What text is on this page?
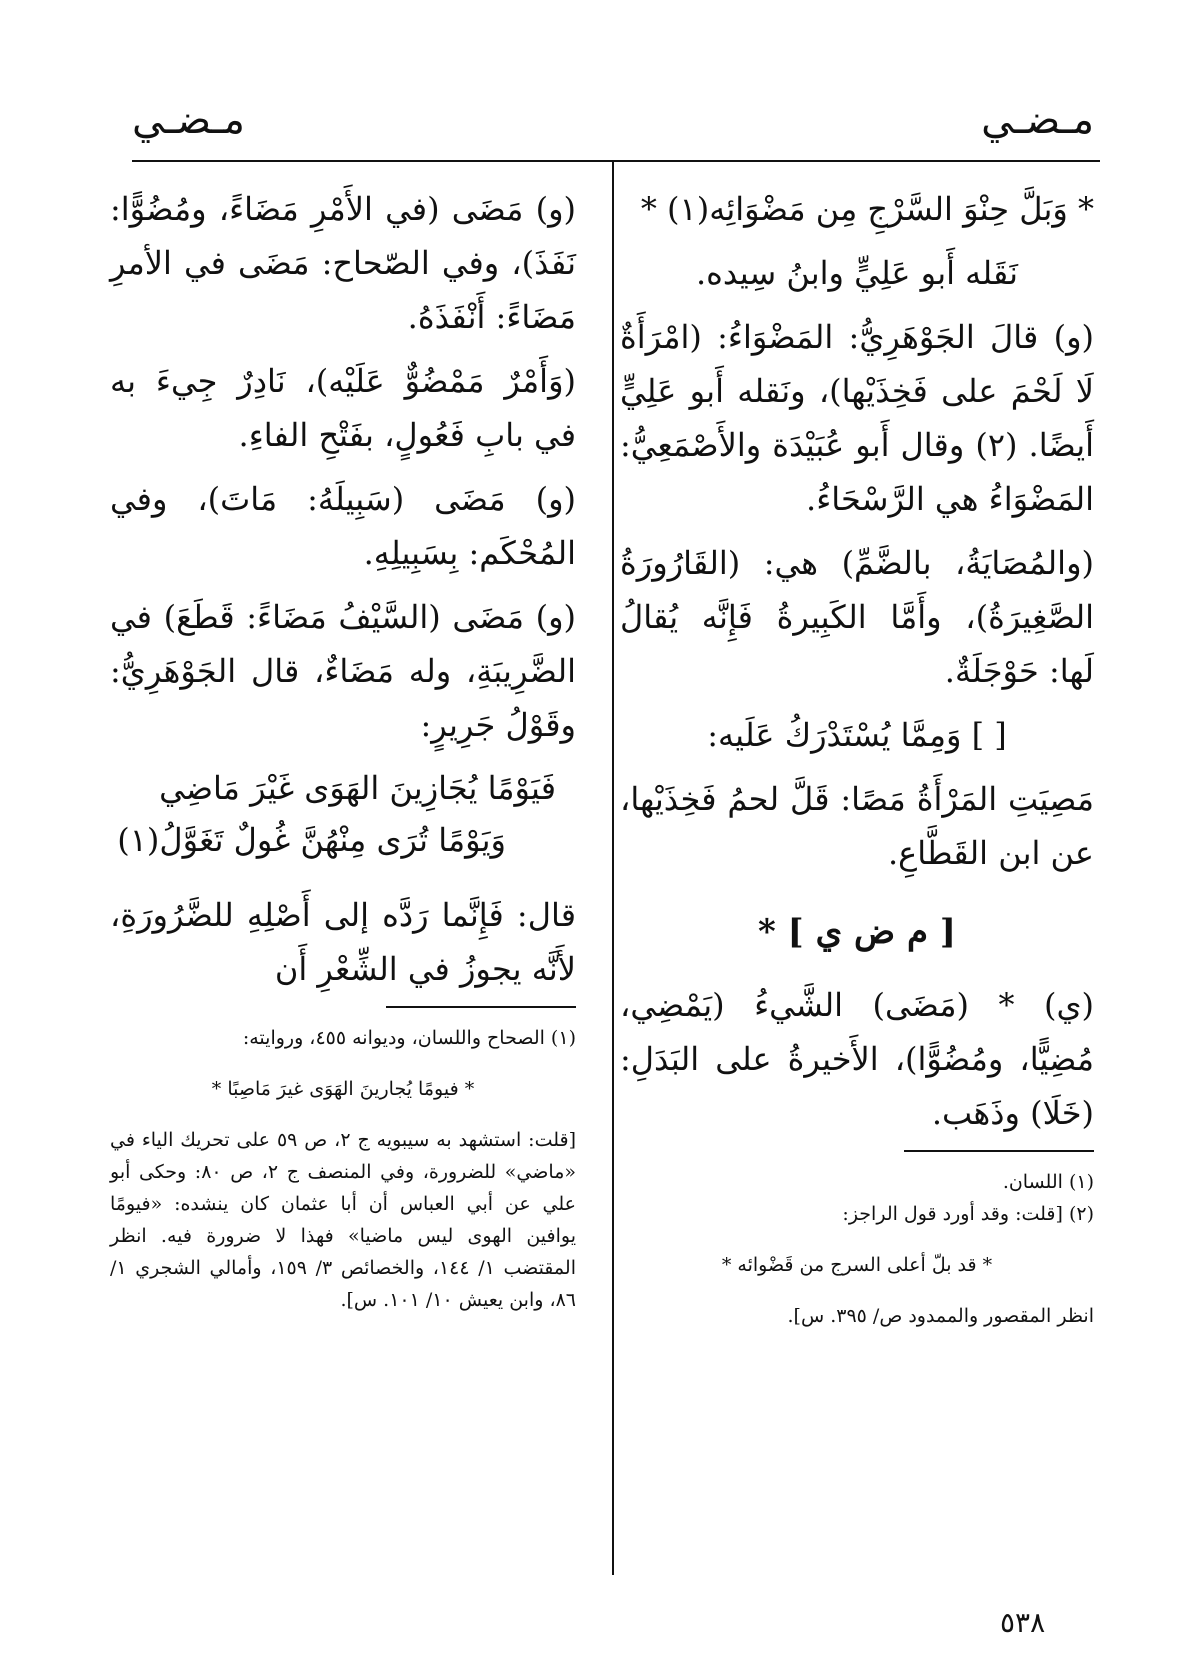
مـضـي
مـضـي

* وَبَلَّ حِنْوَ السَّرْجِ مِن مَضْوَائِه(١) *

نَقَله أَبو عَلِيٍّ وابنُ سِيده.

(و) قالَ الجَوْهَرِيُّ: المَضْوَاءُ: (امْرَأَةٌ لَا لَحْمَ على فَخِذَيْها)، ونَقله أَبو عَلِيٍّ أَيضًا. (٢) وقال أَبو عُبَيْدَة والأَصْمَعِيُّ: المَضْوَاءُ هي الرَّسْحَاءُ.

(والمُصَايَةُ، بالضَّمِّ) هي: (القَارُورَةُ الصَّغِيرَةُ)، وأَمَّا الكَبِيرةُ فَإِنَّه يُقالُ لَها: حَوْجَلَةٌ.

[ ] وَمِمَّا يُسْتَدْرَكُ عَلَيه:

مَصِيَتِ المَرْأَةُ مَصًا: قَلَّ لحمُ فَخِذَيْها، عن ابن القَطَّاعِ.

[ م ض ي ] *

(ي) * (مَضَى) الشَّيءُ (يَمْضِي، مُضِيًّا، ومُضُوًّا)، الأَخيرةُ على البَدَلِ: (خَلَا) وذَهَب.

(١) اللسان.

(٢) [قلت: وقد أورد قول الراجز:

* قد بلّ أعلى السرج من قَضْوائه *

انظر المقصور والممدود ص/ ٣٩٥. س].

(و) مَضَى (في الأَمْرِ مَضَاءً، ومُضُوًّا: نَفَذَ)، وفي الصّحاح: مَضَى في الأمرِ مَضَاءً: أَنْفَذَهُ.

(وَأَمْرٌ مَمْضُوٌّ عَلَيْه)، نَادِرٌ جِيءَ به في بابِ فَعُولٍ، بفَتْحِ الفاءِ.

(و) مَضَى (سَبِيلَهُ: مَاتَ)، وفي المُحْكَم: بِسَبِيلِهِ.

(و) مَضَى (السَّيْفُ مَضَاءً: قَطَعَ) في الضَّرِيبَةِ، وله مَضَاءٌ، قال الجَوْهَرِيُّ: وقَوْلُ جَرِيرٍ:

فَيَوْمًا يُجَازِينَ الهَوَى غَيْرَ مَاضِي
وَيَوْمًا تُرَى مِنْهُنَّ غُولٌ تَغَوَّلُ(١)

قال: فَإِنَّما رَدَّه إلى أَصْلِهِ للضَّرُورَةِ، لأَنَّه يجوزُ في الشِّعْرِ أَن

(١) الصحاح واللسان، وديوانه ٤٥٥، وروايته:

* فيومًا يُجارينَ الهَوَى غيرَ مَاصِبًا *

[قلت: استشهد به سيبويه ج ٢، ص ٥٩ على تحريك الياء في «ماضي» للضرورة، وفي المنصف ج ٢، ص ٨٠: وحكى أبو علي عن أبي العباس أن أبا عثمان كان ينشده: «فيومًا يوافين الهوى ليس ماضيا» فهذا لا ضرورة فيه. انظر المقتضب ١/ ١٤٤، والخصائص ٣/ ١٥٩، وأمالي الشجري ١/ ٨٦، وابن يعيش ١٠/ ١٠١. س].

٥٣٨
